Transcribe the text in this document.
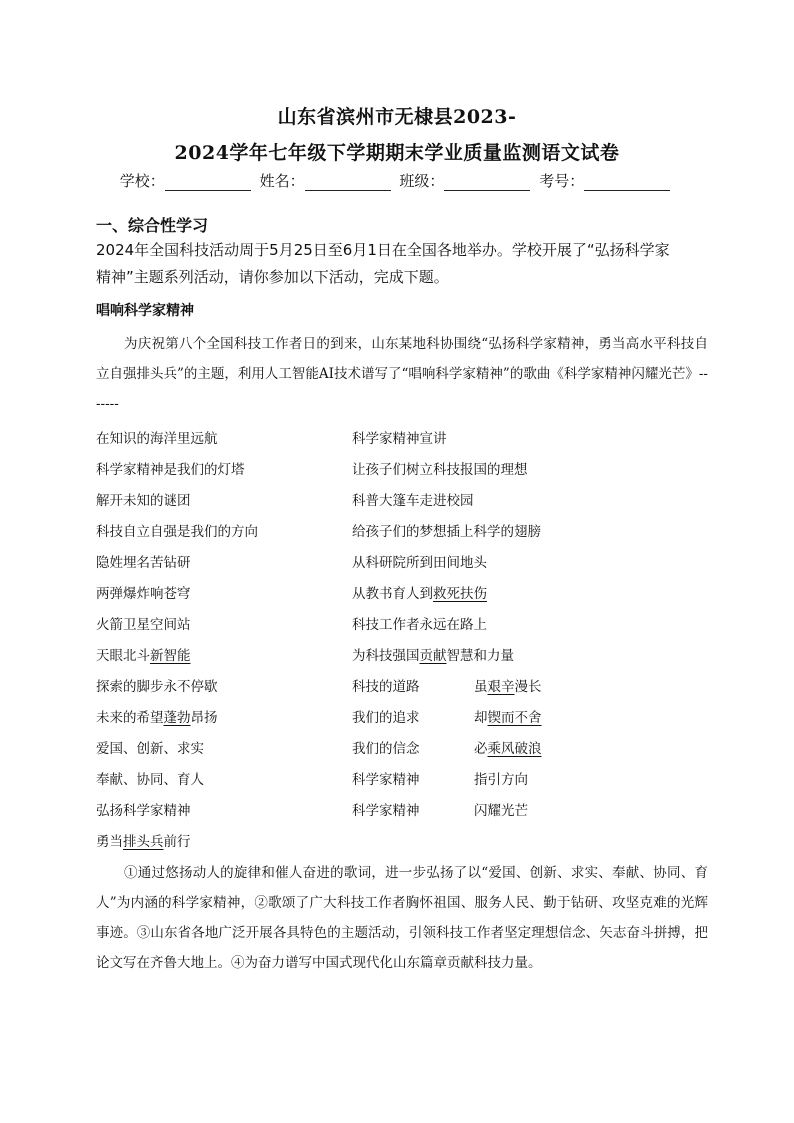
山东省滨州市无棣县2023-
2024学年七年级下学期期末学业质量监测语文试卷
学校：	姓名：	班级：	考号：
一、综合性学习
2024年全国科技活动周于5月25日至6月1日在全国各地举办。学校开展了“弘扬科学家
精神”主题系列活动，请你参加以下活动，完成下题。
唱响科学家精神
为庆祝第八个全国科技工作者日的到来，山东某地科协围绕“弘扬科学家精神，勇当高水平科技自立自强排头兵”的主题，利用人工智能AI技术谱写了“唱响科学家精神”的歌曲《科学家精神闪耀光芒》-------
在知识的海洋里远航	科学家精神宣讲
科学家精神是我们的灯塔	让孩子们树立科技报国的理想
解开未知的谜团	科普大篷车走进校园
科技自立自强是我们的方向	给孩子们的梦想插上科学的翅膀
隐姓埋名苦钻研	从科研院所到田间地头
两弹爆炸响苍穹	从教书育人到救死扶伤
火箭卫星空间站	科技工作者永远在路上
天眼北斗新智能	为科技强国贡献智慧和力量
探索的脚步永不停歇	科技的道路	虽艰辛漫长
未来的希望蓬勃昂扬	我们的追求	却锲而不舍
爱国、创新、求实	我们的信念	必乘风破浪
奉献、协同、育人	科学家精神	指引方向
弘扬科学家精神	科学家精神	闪耀光芒
勇当排头兵前行
①通过悠扬动人的旋律和催人奋进的歌词，进一步弘扬了以“爱国、创新、求实、奉献、协同、育人”为内涵的科学家精神，②歌颂了广大科技工作者胸怀祖国、服务人民、勤于钻研、攻坚克难的光辉事迹。③山东省各地广泛开展各具特色的主题活动，引领科技工作者坚定理想信念、矢志奋斗拼搏，把论文写在齐鲁大地上。④为奋力谱写中国式现代化山东篇章贡献科技力量。
